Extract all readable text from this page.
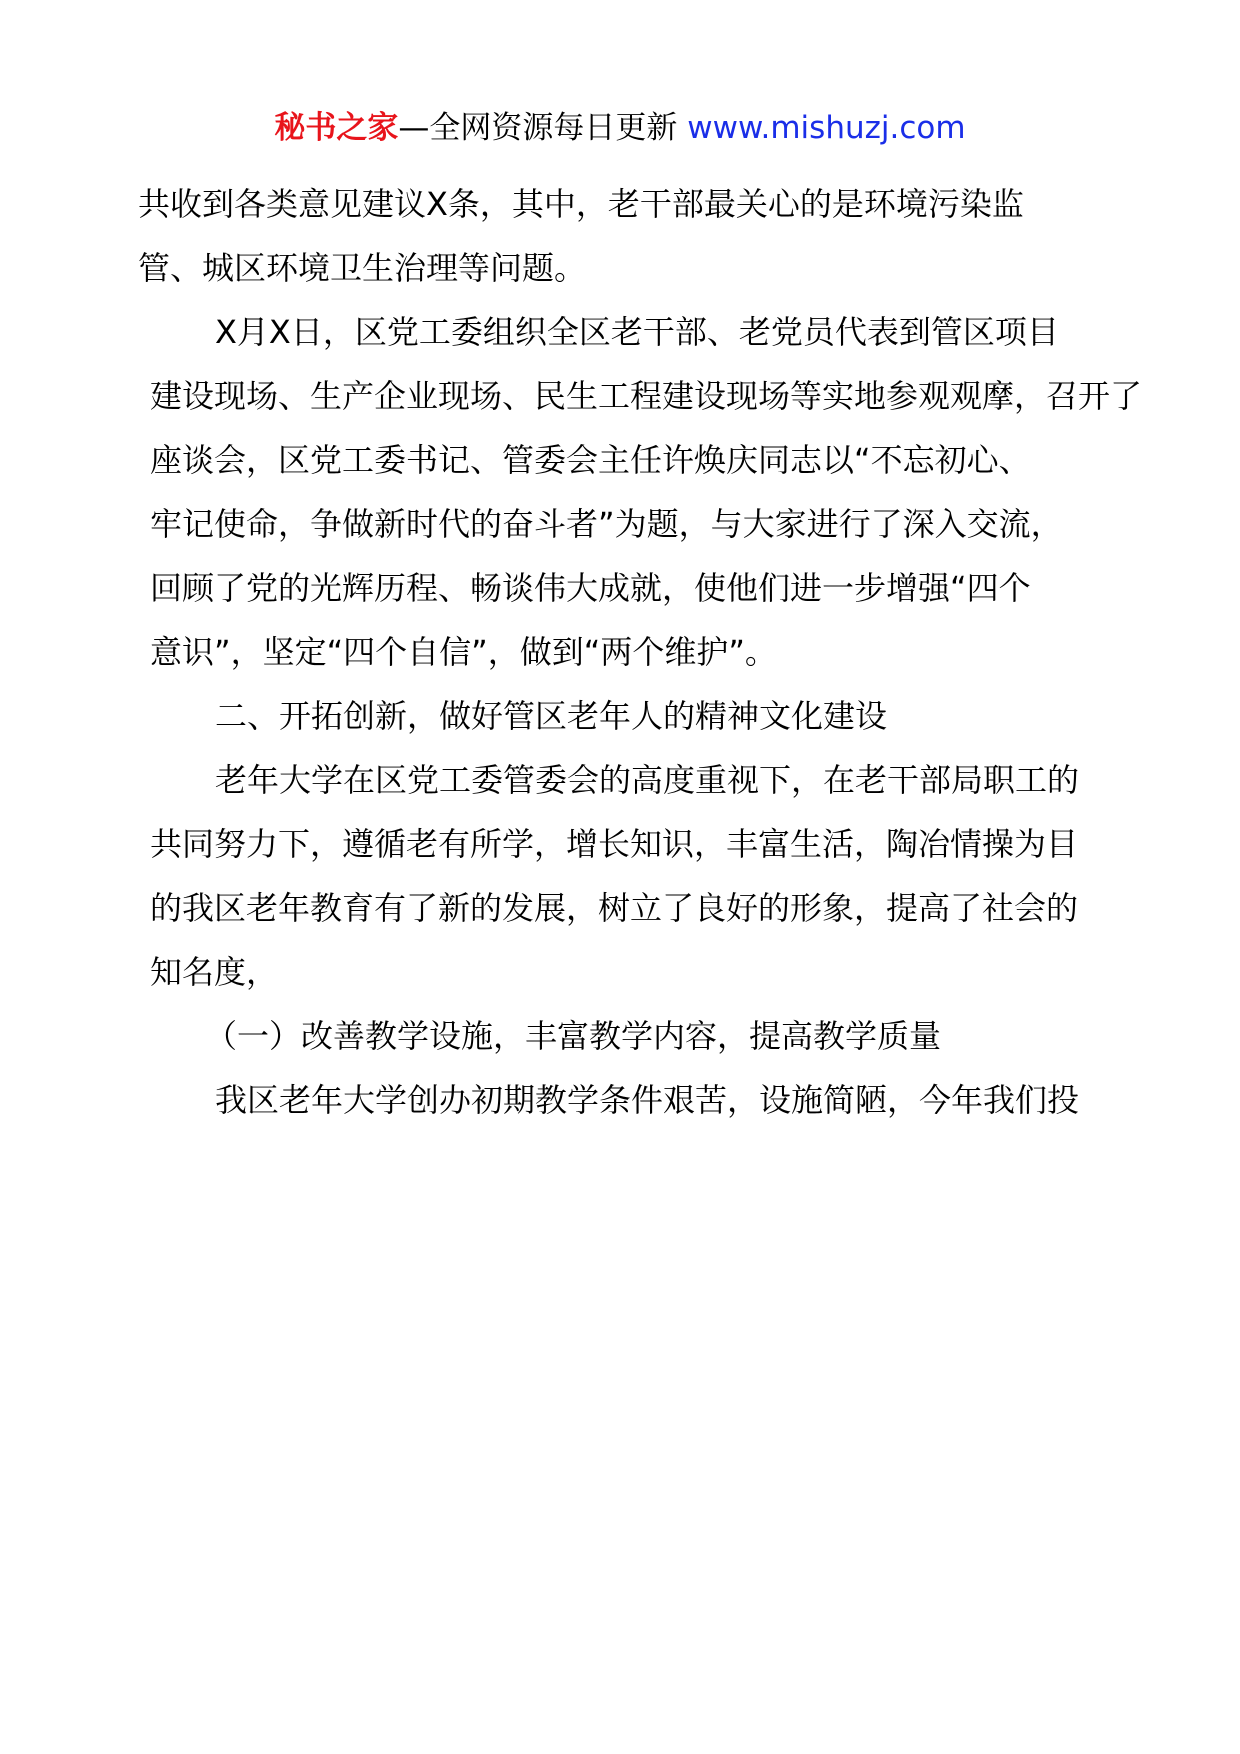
秘书之家—全网资源每日更新 www.mishuzj.com
共收到各类意见建议X条，其中，老干部最关心的是环境污染监
管、城区环境卫生治理等问题。
X月X日，区党工委组织全区老干部、老党员代表到管区项目
建设现场、生产企业现场、民生工程建设现场等实地参观观摩，召开了
座谈会，区党工委书记、管委会主任许焕庆同志以“不忘初心、
牢记使命，争做新时代的奋斗者”为题，与大家进行了深入交流，
回顾了党的光辉历程、畅谈伟大成就，使他们进一步增强“四个
意识”，坚定“四个自信”，做到“两个维护”。
二、开拓创新，做好管区老年人的精神文化建设
老年大学在区党工委管委会的高度重视下，在老干部局职工的
共同努力下，遵循老有所学，增长知识，丰富生活，陶冶情操为目
的我区老年教育有了新的发展，树立了良好的形象，提高了社会的
知名度，
（一）改善教学设施，丰富教学内容，提高教学质量
我区老年大学创办初期教学条件艰苦，设施简陋，今年我们投
